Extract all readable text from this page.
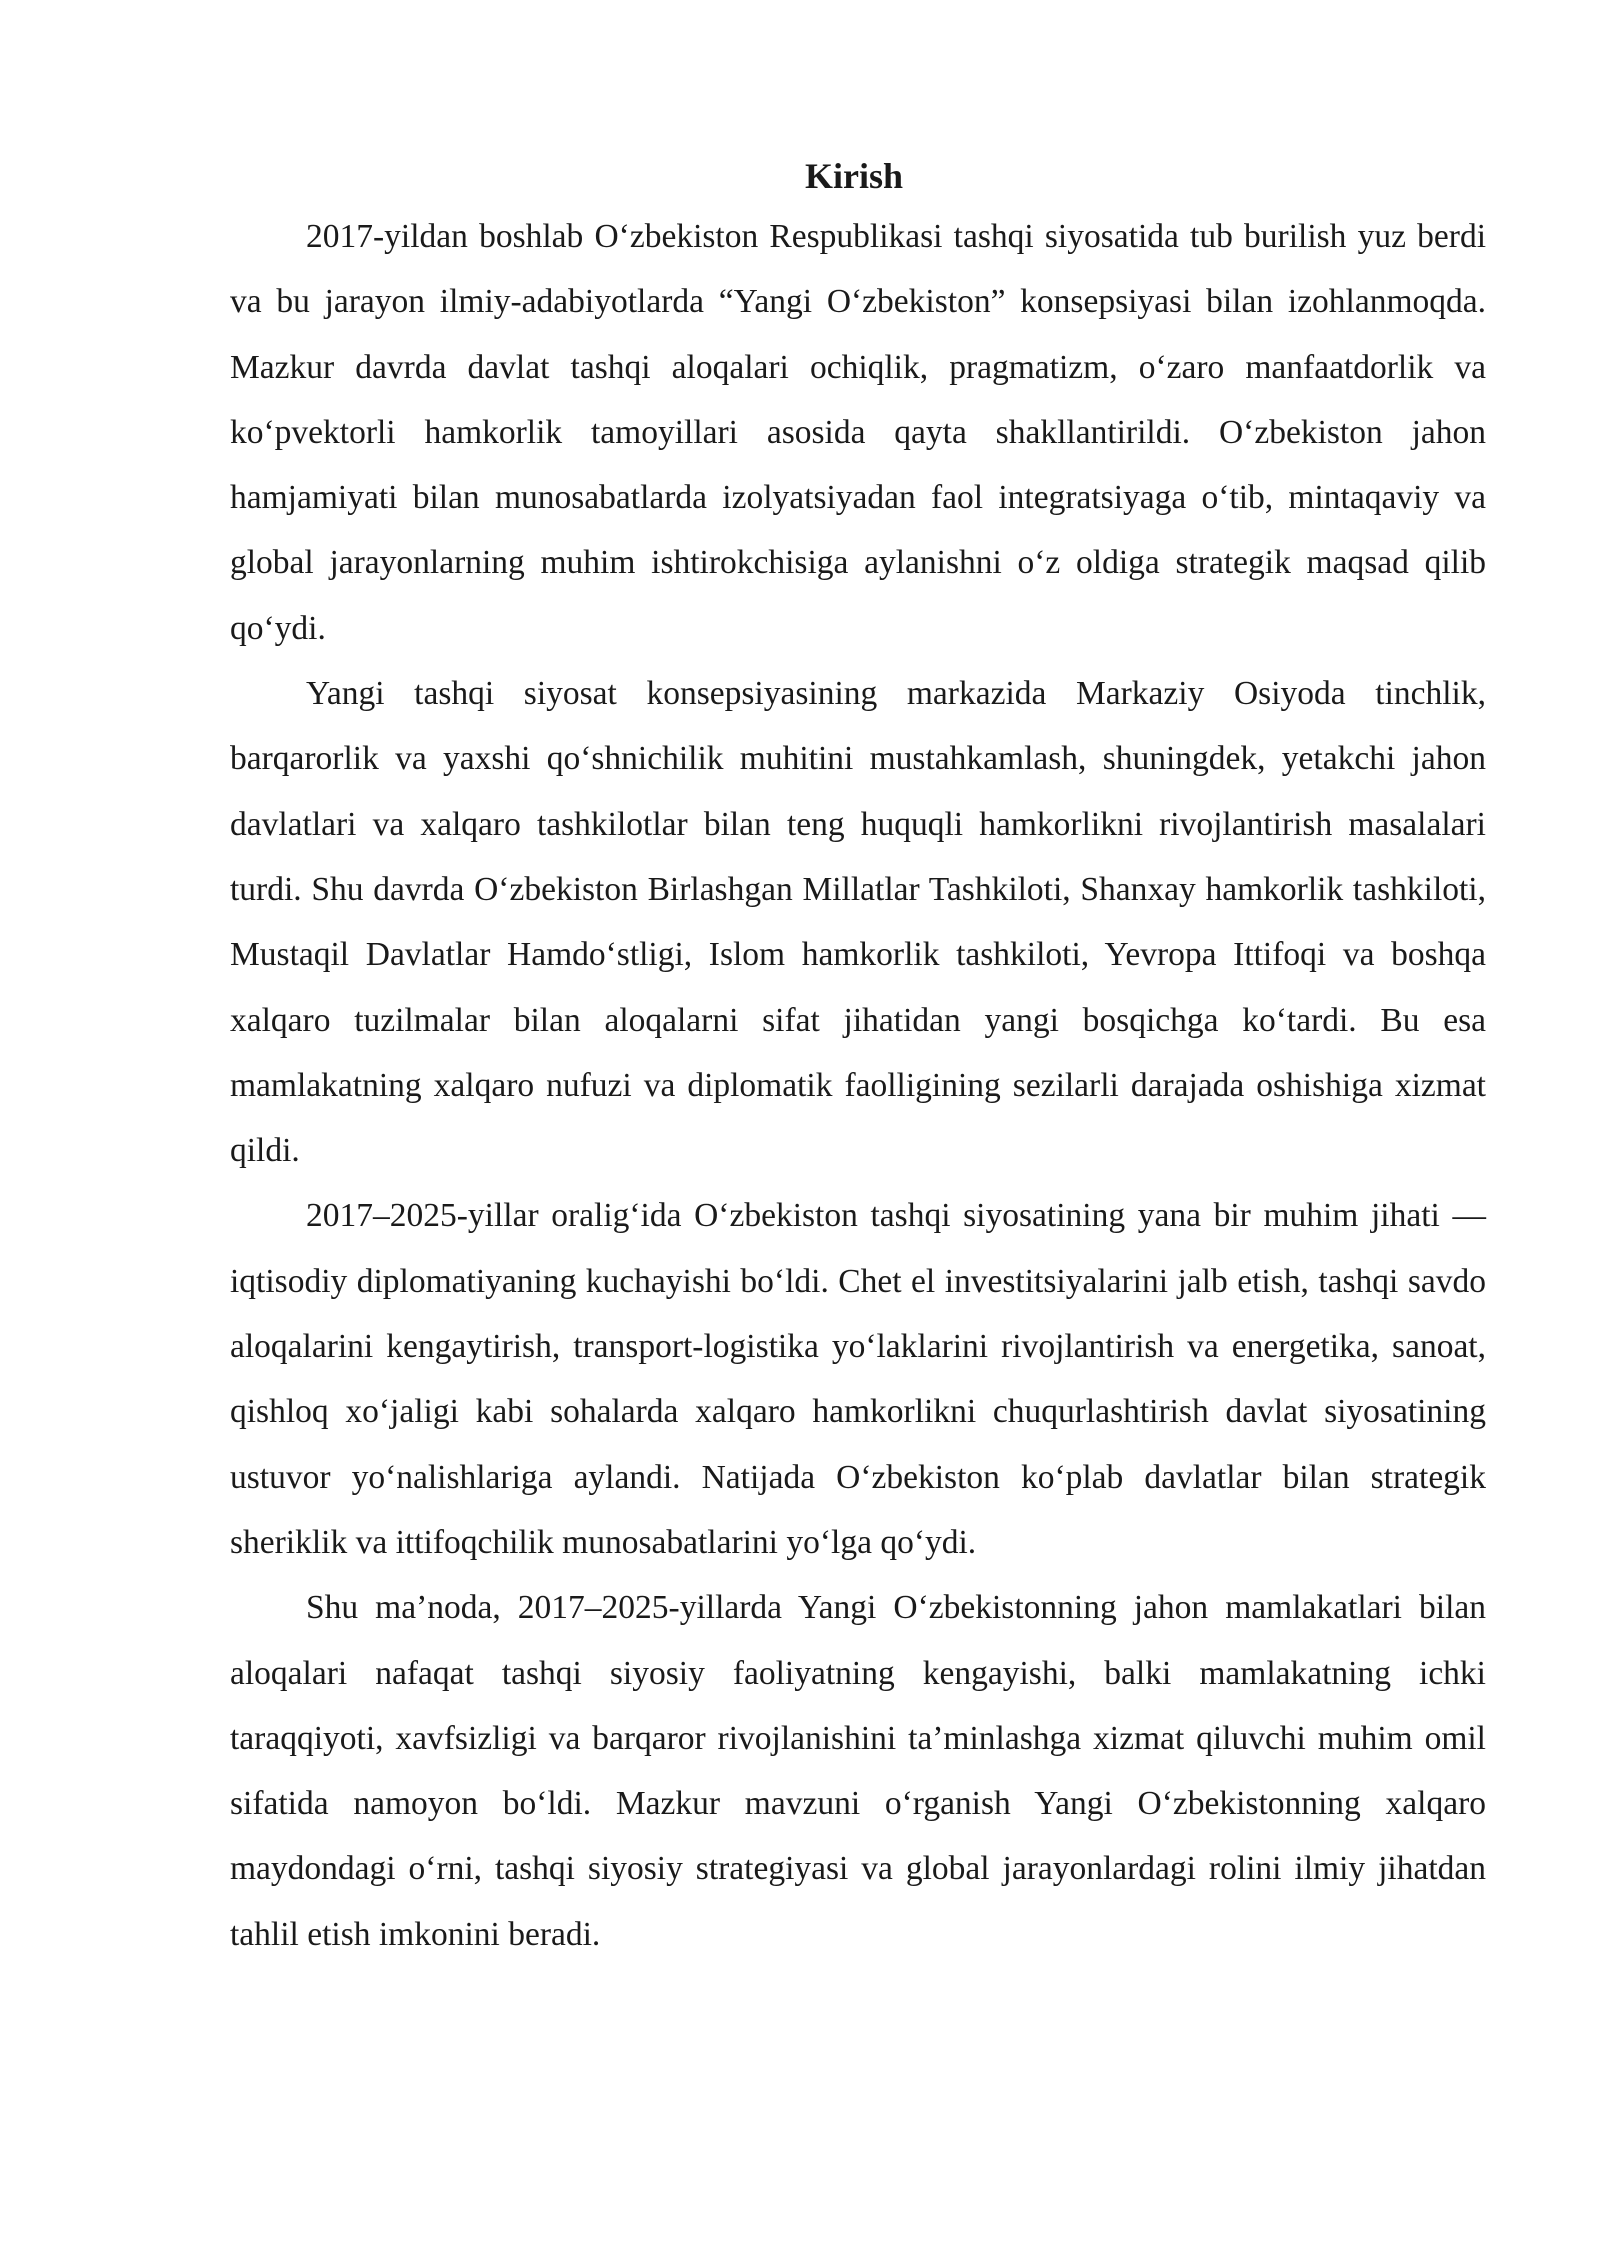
Kirish

2017-yildan boshlab O‘zbekiston Respublikasi tashqi siyosatida tub burilish yuz berdi va bu jarayon ilmiy-adabiyotlarda “Yangi O‘zbekiston” konsepsiyasi bilan izohlanmoqda. Mazkur davrda davlat tashqi aloqalari ochiqlik, pragmatizm, o‘zaro manfaatdorlik va ko‘pvektorli hamkorlik tamoyillari asosida qayta shakllantirildi. O‘zbekiston jahon hamjamiyati bilan munosabatlarda izolyatsiyadan faol integratsiyaga o‘tib, mintaqaviy va global jarayonlarning muhim ishtirokchisiga aylanishni o‘z oldiga strategik maqsad qilib qo‘ydi.

Yangi tashqi siyosat konsepsiyasining markazida Markaziy Osiyoda tinchlik, barqarorlik va yaxshi qo‘shnichilik muhitini mustahkamlash, shuningdek, yetakchi jahon davlatlari va xalqaro tashkilotlar bilan teng huquqli hamkorlikni rivojlantirish masalalari turdi. Shu davrda O‘zbekiston Birlashgan Millatlar Tashkiloti, Shanxay hamkorlik tashkiloti, Mustaqil Davlatlar Hamdo‘stligi, Islom hamkorlik tashkiloti, Yevropa Ittifoqi va boshqa xalqaro tuzilmalar bilan aloqalarni sifat jihatidan yangi bosqichga ko‘tardi. Bu esa mamlakatning xalqaro nufuzi va diplomatik faolligining sezilarli darajada oshishiga xizmat qildi.

2017–2025-yillar oralig‘ida O‘zbekiston tashqi siyosatining yana bir muhim jihati — iqtisodiy diplomatiyaning kuchayishi bo‘ldi. Chet el investitsiyalarini jalb etish, tashqi savdo aloqalarini kengaytirish, transport-logistika yo‘laklarini rivojlantirish va energetika, sanoat, qishloq xo‘jaligi kabi sohalarda xalqaro hamkorlikni chuqurlashtirish davlat siyosatining ustuvor yo‘nalishlariga aylandi. Natijada O‘zbekiston ko‘plab davlatlar bilan strategik sheriklik va ittifoqchilik munosabatlarini yo‘lga qo‘ydi.

Shu ma’noda, 2017–2025-yillarda Yangi O‘zbekistonning jahon mamlakatlari bilan aloqalari nafaqat tashqi siyosiy faoliyatning kengayishi, balki mamlakatning ichki taraqqiyoti, xavfsizligi va barqaror rivojlanishini ta’minlashga xizmat qiluvchi muhim omil sifatida namoyon bo‘ldi. Mazkur mavzuni o‘rganish Yangi O‘zbekistonning xalqaro maydondagi o‘rni, tashqi siyosiy strategiyasi va global jarayonlardagi rolini ilmiy jihatdan tahlil etish imkonini beradi.
